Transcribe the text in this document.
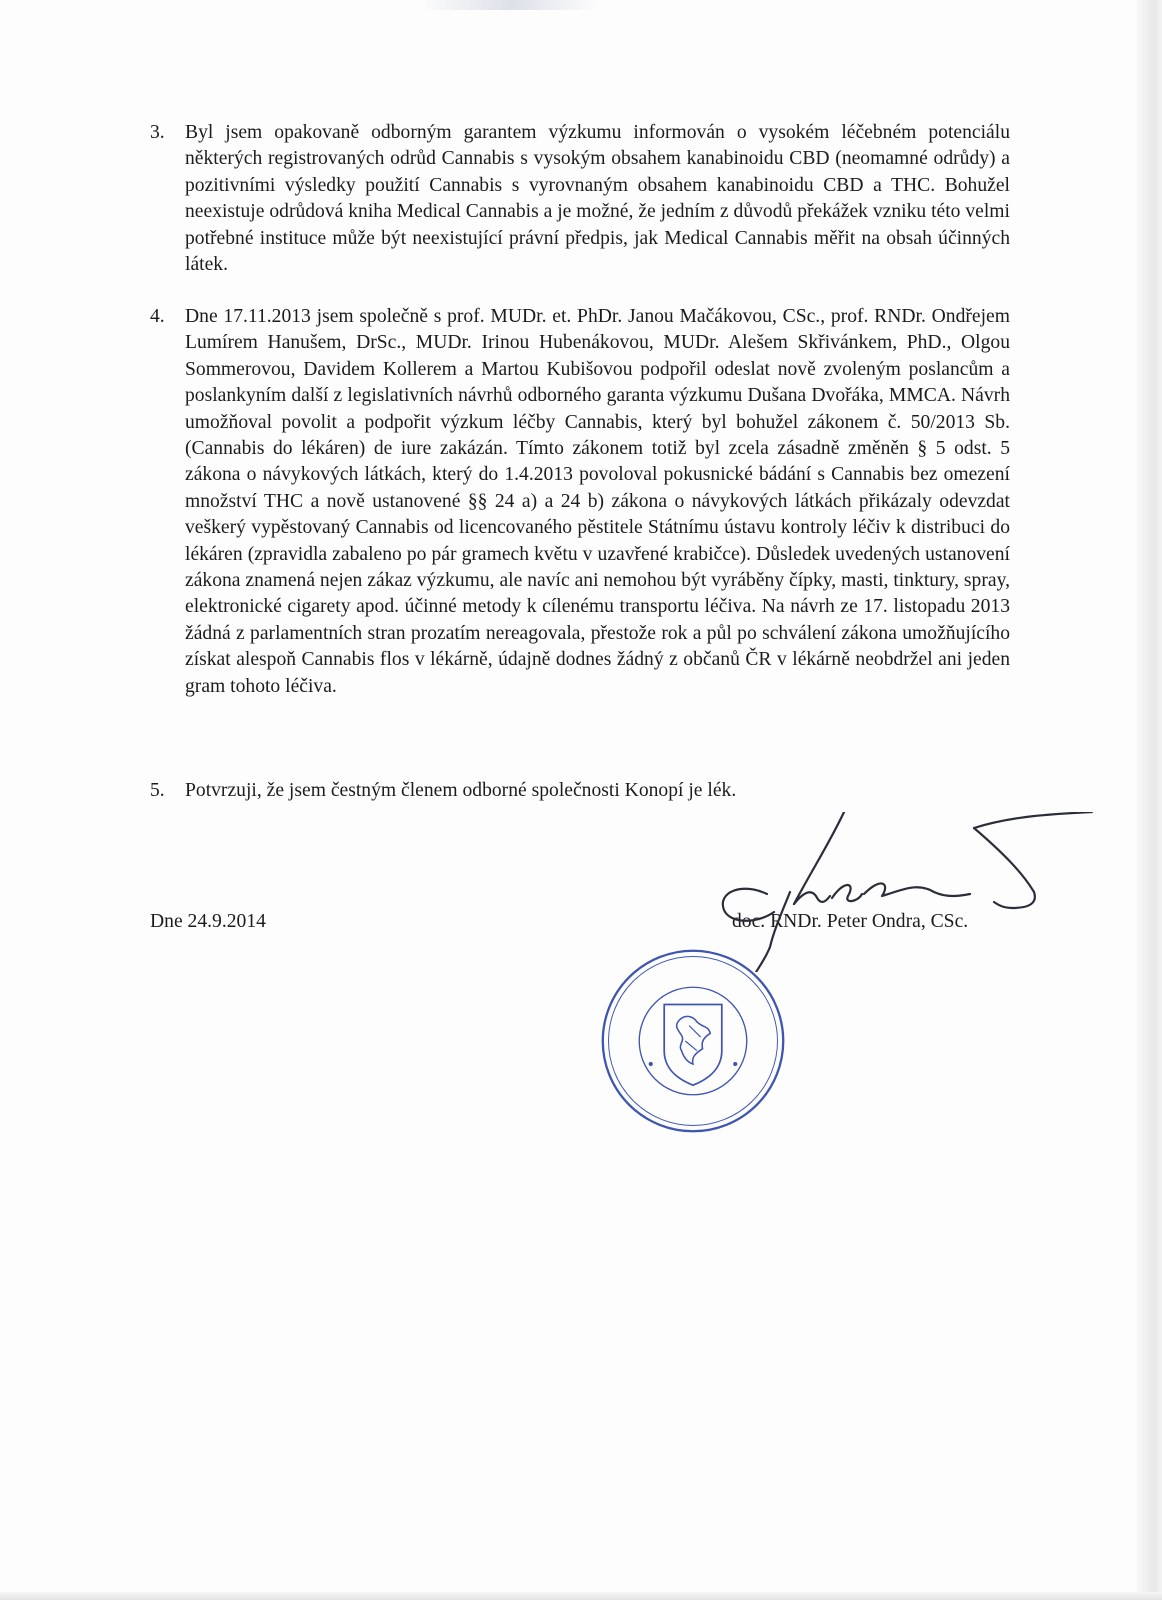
3.	Byl jsem opakovaně odborným garantem výzkumu informován o vysokém léčebném potenciálu některých registrovaných odrůd Cannabis s vysokým obsahem kanabinoidu CBD (neomamné odrůdy) a pozitivními výsledky použití Cannabis s vyrovnaným obsahem kanabinoidu CBD a THC. Bohužel neexistuje odrůdová kniha Medical Cannabis a je možné, že jedním z důvodů překážek vzniku této velmi potřebné instituce může být neexistující právní předpis, jak Medical Cannabis měřit na obsah účinných látek.
4.	Dne 17.11.2013 jsem společně s prof. MUDr. et. PhDr. Janou Mačákovou, CSc., prof. RNDr. Ondřejem Lumírem Hanušem, DrSc., MUDr. Irinou Hubenákovou, MUDr. Alešem Skřivánkem, PhD., Olgou Sommerovou, Davidem Kollerem a Martou Kubišovou podpořil odeslat nově zvoleným poslancům a poslankyním další z legislativních návrhů odborného garanta výzkumu Dušana Dvořáka, MMCA. Návrh umožňoval povolit a podpořit výzkum léčby Cannabis, který byl bohužel zákonem č. 50/2013 Sb. (Cannabis do lékáren) de iure zakázán. Tímto zákonem totiž byl zcela zásadně změněn § 5 odst. 5 zákona o návykových látkách, který do 1.4.2013 povoloval pokusnické bádání s Cannabis bez omezení množství THC a nově ustanovené §§ 24 a) a 24 b) zákona o návykových látkách přikázaly odevzdat veškerý vypěstovaný Cannabis od licencovaného pěstitele Státnímu ústavu kontroly léčiv k distribuci do lékáren (zpravidla zabaleno po pár gramech květu v uzavřené krabičce). Důsledek uvedených ustanovení zákona znamená nejen zákaz výzkumu, ale navíc ani nemohou být vyráběny čípky, masti, tinktury, spray, elektronické cigarety apod. účinné metody k cílenému transportu léčiva. Na návrh ze 17. listopadu 2013 žádná z parlamentních stran prozatím nereagovala, přestože rok a půl po schválení zákona umožňujícího získat alespoň Cannabis flos v lékárně, údajně dodnes žádný z občanů ČR v lékárně neobdržel ani jeden gram tohoto léčiva.
5.	Potvrzuji, že jsem čestným členem odborné společnosti Konopí je lék.
Dne 24.9.2014	doc. RNDr. Peter Ondra, CSc.
